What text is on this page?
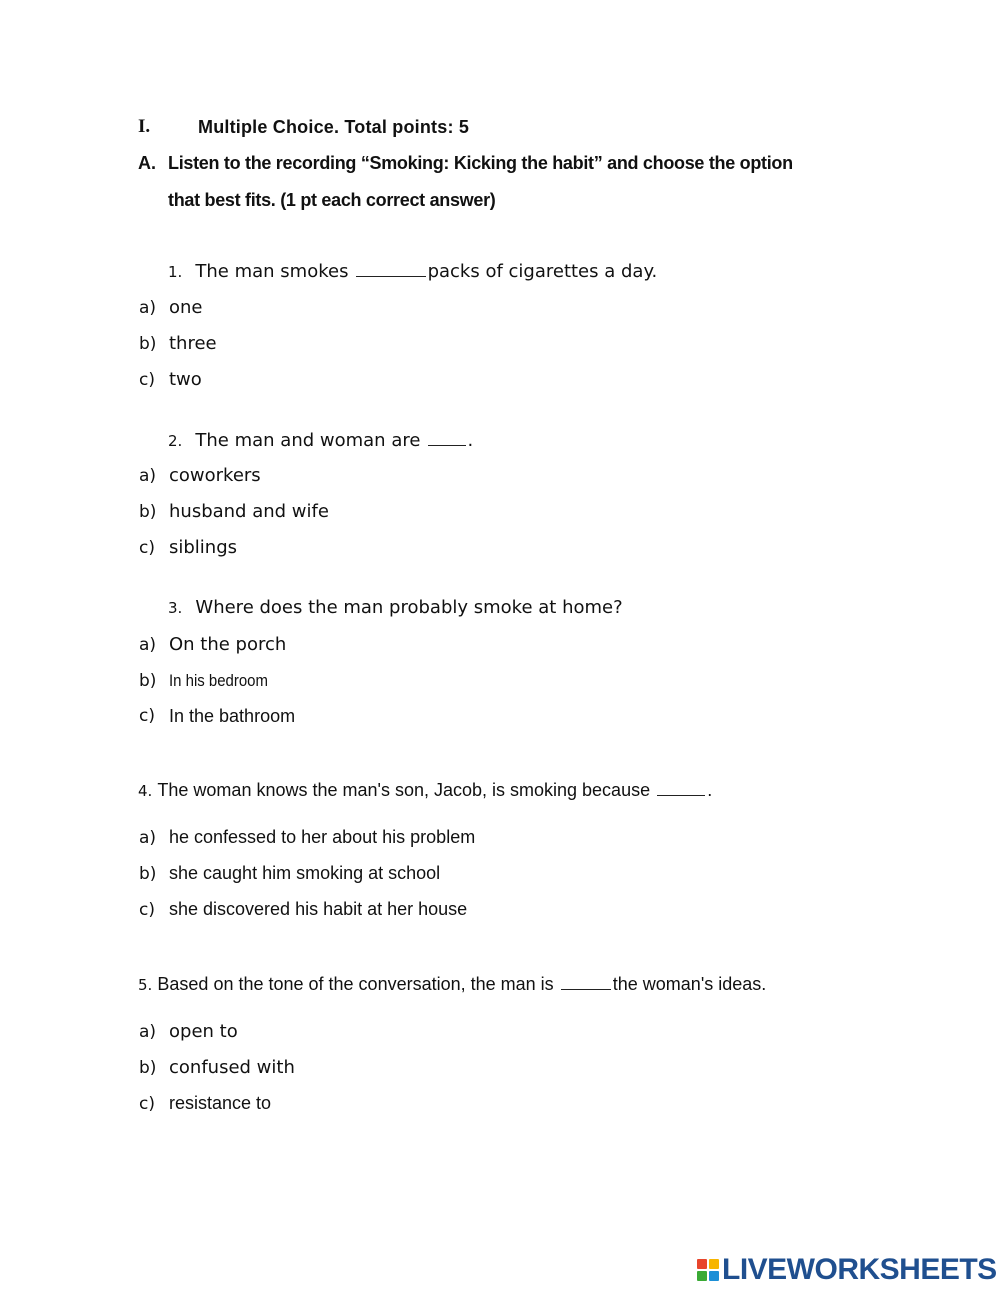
I.	Multiple Choice. Total points: 5
A. Listen to the recording “Smoking: Kicking the habit” and choose the option
that best fits. (1 pt each correct answer)
1. The man smokes	packs of cigarettes a day.
a) one
b) three
c) two
2. The man and woman are	.
a) coworkers
b) husband and wife
c) siblings
3. Where does the man probably smoke at home?
a) On the porch
b) In his bedroom
c) In the bathroom
4. The woman knows the man's son, Jacob, is smoking because	.
a) he confessed to her about his problem
b) she caught him smoking at school
c) she discovered his habit at her house
5. Based on the tone of the conversation, the man is	the woman's ideas.
a) open to
b) confused with
c) resistance to
LIVEWORKSHEETS
